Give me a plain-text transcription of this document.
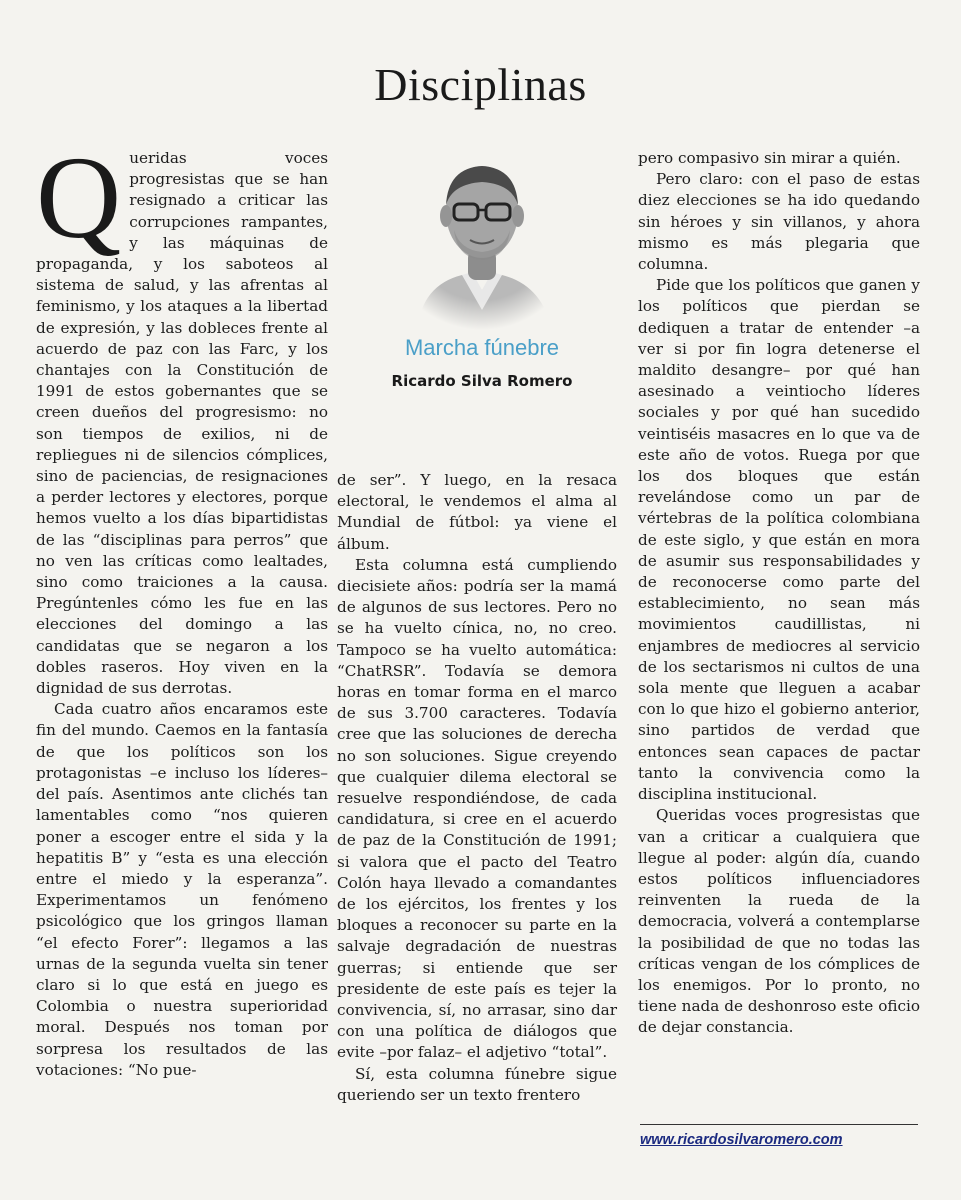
Disciplinas

Queridas voces progresistas que se han resignado a criticar las corrupciones rampantes, y las máquinas de propaganda, y los saboteos al sistema de salud, y las afrentas al feminismo, y los ataques a la libertad de expresión, y las dobleces frente al acuerdo de paz con las Farc, y los chantajes con la Constitución de 1991 de estos gobernantes que se creen dueños del progresismo: no son tiempos de exilios, ni de repliegues ni de silencios cómplices, sino de paciencias, de resignaciones a perder lectores y electores, porque hemos vuelto a los días bipartidistas de las “disciplinas para perros” que no ven las críticas como lealtades, sino como traiciones a la causa. Pregúntenles cómo les fue en las elecciones del domingo a las candidatas que se negaron a los dobles raseros. Hoy viven en la dignidad de sus derrotas.

Cada cuatro años encaramos este fin del mundo. Caemos en la fantasía de que los políticos son los protagonistas –e incluso los líderes– del país. Asentimos ante clichés tan lamentables como “nos quieren poner a escoger entre el sida y la hepatitis B” y “esta es una elección entre el miedo y la esperanza”. Experimentamos un fenómeno psicológico que los gringos llaman “el efecto Forer”: llegamos a las urnas de la segunda vuelta sin tener claro si lo que está en juego es Colombia o nuestra superioridad moral. Después nos toman por sorpresa los resultados de las votaciones: “No pue-

Marcha fúnebre
Ricardo Silva Romero

de ser”. Y luego, en la resaca electoral, le vendemos el alma al Mundial de fútbol: ya viene el álbum.

Esta columna está cumpliendo diecisiete años: podría ser la mamá de algunos de sus lectores. Pero no se ha vuelto cínica, no, no creo. Tampoco se ha vuelto automática: “ChatRSR”. Todavía se demora horas en tomar forma en el marco de sus 3.700 caracteres. Todavía cree que las soluciones de derecha no son soluciones. Sigue creyendo que cualquier dilema electoral se resuelve respondiéndose, de cada candidatura, si cree en el acuerdo de paz de la Constitución de 1991; si valora que el pacto del Teatro Colón haya llevado a comandantes de los ejércitos, los frentes y los bloques a reconocer su parte en la salvaje degradación de nuestras guerras; si entiende que ser presidente de este país es tejer la convivencia, sí, no arrasar, sino dar con una política de diálogos que evite –por falaz– el adjetivo “total”.

Sí, esta columna fúnebre sigue queriendo ser un texto frentero

pero compasivo sin mirar a quién.

Pero claro: con el paso de estas diez elecciones se ha ido quedando sin héroes y sin villanos, y ahora mismo es más plegaria que columna.

Pide que los políticos que ganen y los políticos que pierdan se dediquen a tratar de entender –a ver si por fin logra detenerse el maldito desangre– por qué han asesinado a veintiocho líderes sociales y por qué han sucedido veintiséis masacres en lo que va de este año de votos. Ruega por que los dos bloques que están revelándose como un par de vértebras de la política colombiana de este siglo, y que están en mora de asumir sus responsabilidades y de reconocerse como parte del establecimiento, no sean más movimientos caudillistas, ni enjambres de mediocres al servicio de los sectarismos ni cultos de una sola mente que lleguen a acabar con lo que hizo el gobierno anterior, sino partidos de verdad que entonces sean capaces de pactar tanto la convivencia como la disciplina institucional.

Queridas voces progresistas que van a criticar a cualquiera que llegue al poder: algún día, cuando estos políticos influenciadores reinventen la rueda de la democracia, volverá a contemplarse la posibilidad de que no todas las críticas vengan de los cómplices de los enemigos. Por lo pronto, no tiene nada de deshonroso este oficio de dejar constancia.

www.ricardosilvaromero.com
